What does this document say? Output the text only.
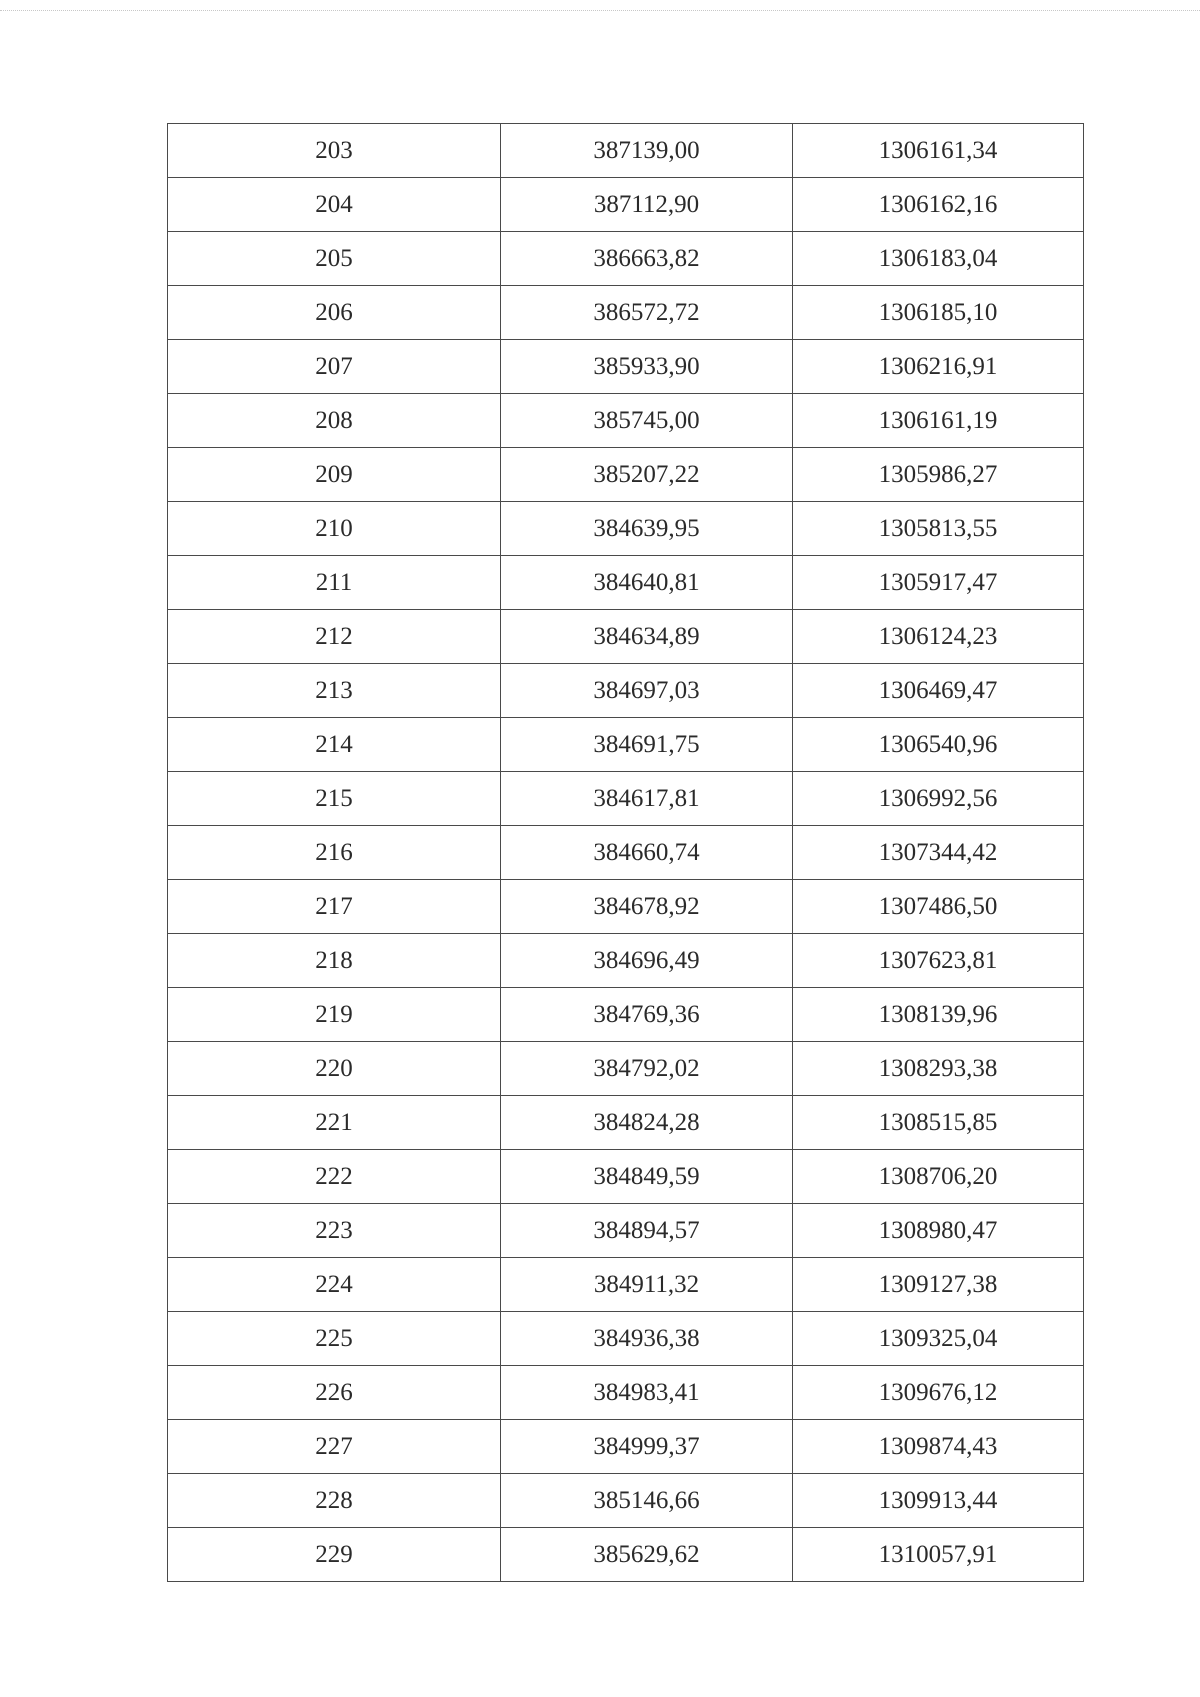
203	387139,00	1306161,34
204	387112,90	1306162,16
205	386663,82	1306183,04
206	386572,72	1306185,10
207	385933,90	1306216,91
208	385745,00	1306161,19
209	385207,22	1305986,27
210	384639,95	1305813,55
211	384640,81	1305917,47
212	384634,89	1306124,23
213	384697,03	1306469,47
214	384691,75	1306540,96
215	384617,81	1306992,56
216	384660,74	1307344,42
217	384678,92	1307486,50
218	384696,49	1307623,81
219	384769,36	1308139,96
220	384792,02	1308293,38
221	384824,28	1308515,85
222	384849,59	1308706,20
223	384894,57	1308980,47
224	384911,32	1309127,38
225	384936,38	1309325,04
226	384983,41	1309676,12
227	384999,37	1309874,43
228	385146,66	1309913,44
229	385629,62	1310057,91
